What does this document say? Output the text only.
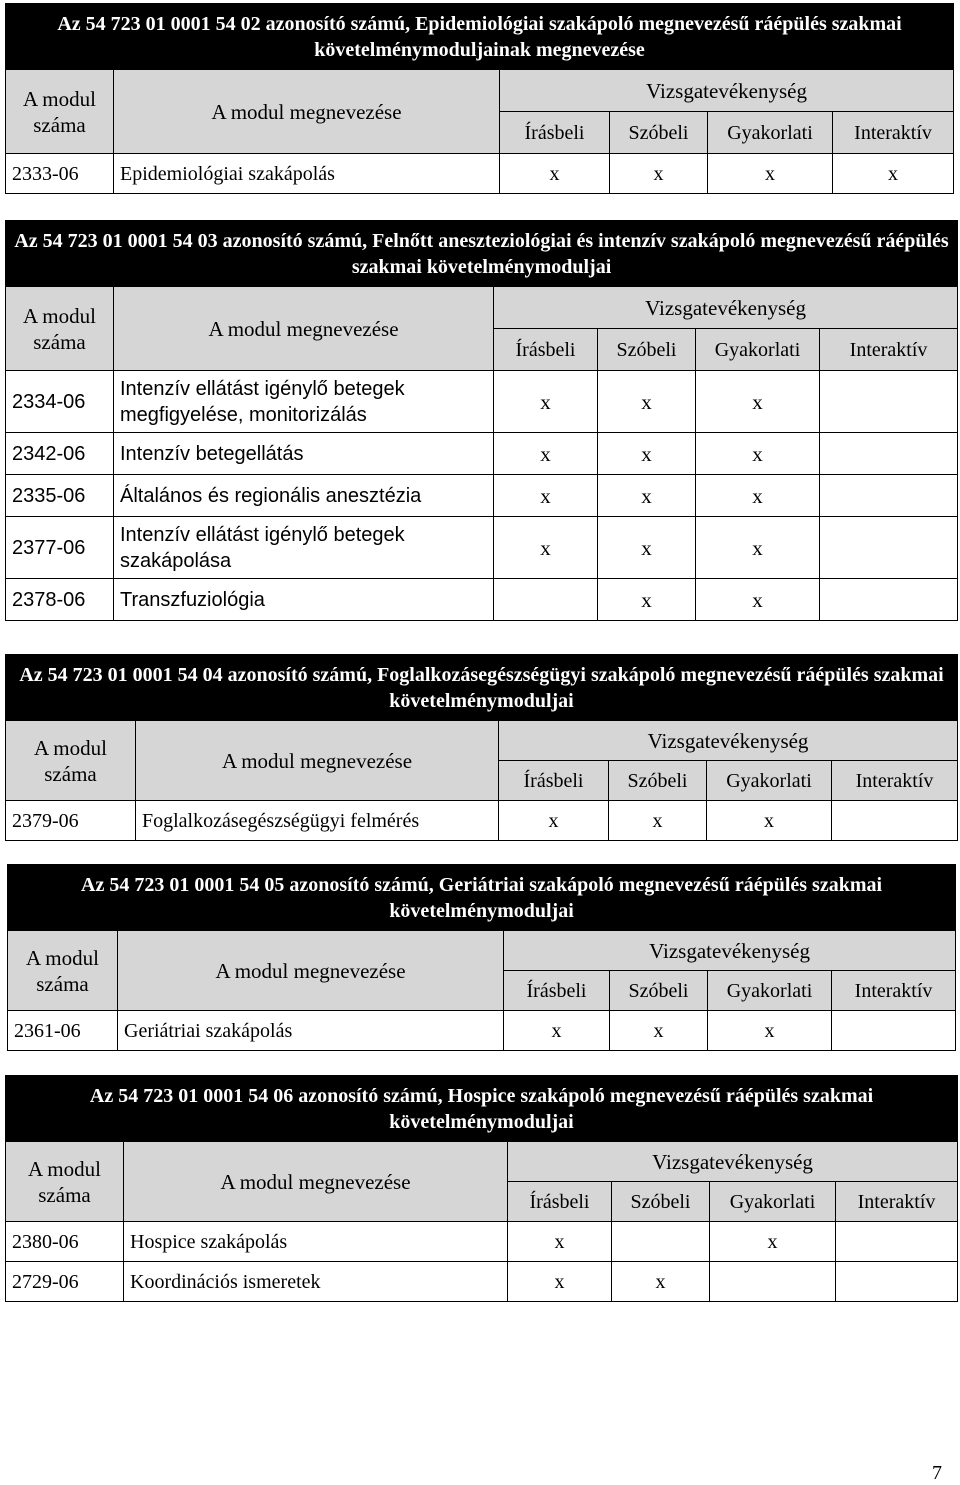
Az 54 723 01 0001 54 02 azonosító számú, Epidemiológiai szakápoló megnevezésű ráépülés szakmai követelménymoduljainak megnevezése					
A modul száma	A modul megnevezése	Vizsgatevékenység			
		Írásbeli	Szóbeli	Gyakorlati	Interaktív
2333-06	Epidemiológiai szakápolás	x	x	x	x
Az 54 723 01 0001 54 03 azonosító számú, Felnőtt aneszteziológiai és intenzív szakápoló megnevezésű ráépülés szakmai követelménymoduljai					
A modul száma	A modul megnevezése	Vizsgatevékenység			
		Írásbeli	Szóbeli	Gyakorlati	Interaktív
2334-06	Intenzív ellátást igénylő betegek megfigyelése, monitorizálás	x	x	x	
2342-06	Intenzív betegellátás	x	x	x	
2335-06	Általános és regionális anesztézia	x	x	x	
2377-06	Intenzív ellátást igénylő betegek szakápolása	x	x	x	
2378-06	Transzfuziológia		x	x	
Az 54 723 01 0001 54 04 azonosító számú, Foglalkozásegészségügyi szakápoló megnevezésű ráépülés szakmai követelménymoduljai					
A modul száma	A modul megnevezése	Vizsgatevékenység			
		Írásbeli	Szóbeli	Gyakorlati	Interaktív
2379-06	Foglalkozásegészségügyi felmérés	x	x	x	
Az 54 723 01 0001 54 05 azonosító számú, Geriátriai szakápoló megnevezésű ráépülés szakmai követelménymoduljai					
A modul száma	A modul megnevezése	Vizsgatevékenység			
		Írásbeli	Szóbeli	Gyakorlati	Interaktív
2361-06	Geriátriai szakápolás	x	x	x	
Az 54 723 01 0001 54 06 azonosító számú, Hospice szakápoló megnevezésű ráépülés szakmai követelménymoduljai					
A modul száma	A modul megnevezése	Vizsgatevékenység			
		Írásbeli	Szóbeli	Gyakorlati	Interaktív
2380-06	Hospice szakápolás	x		x	
2729-06	Koordinációs ismeretek	x	x		
7
